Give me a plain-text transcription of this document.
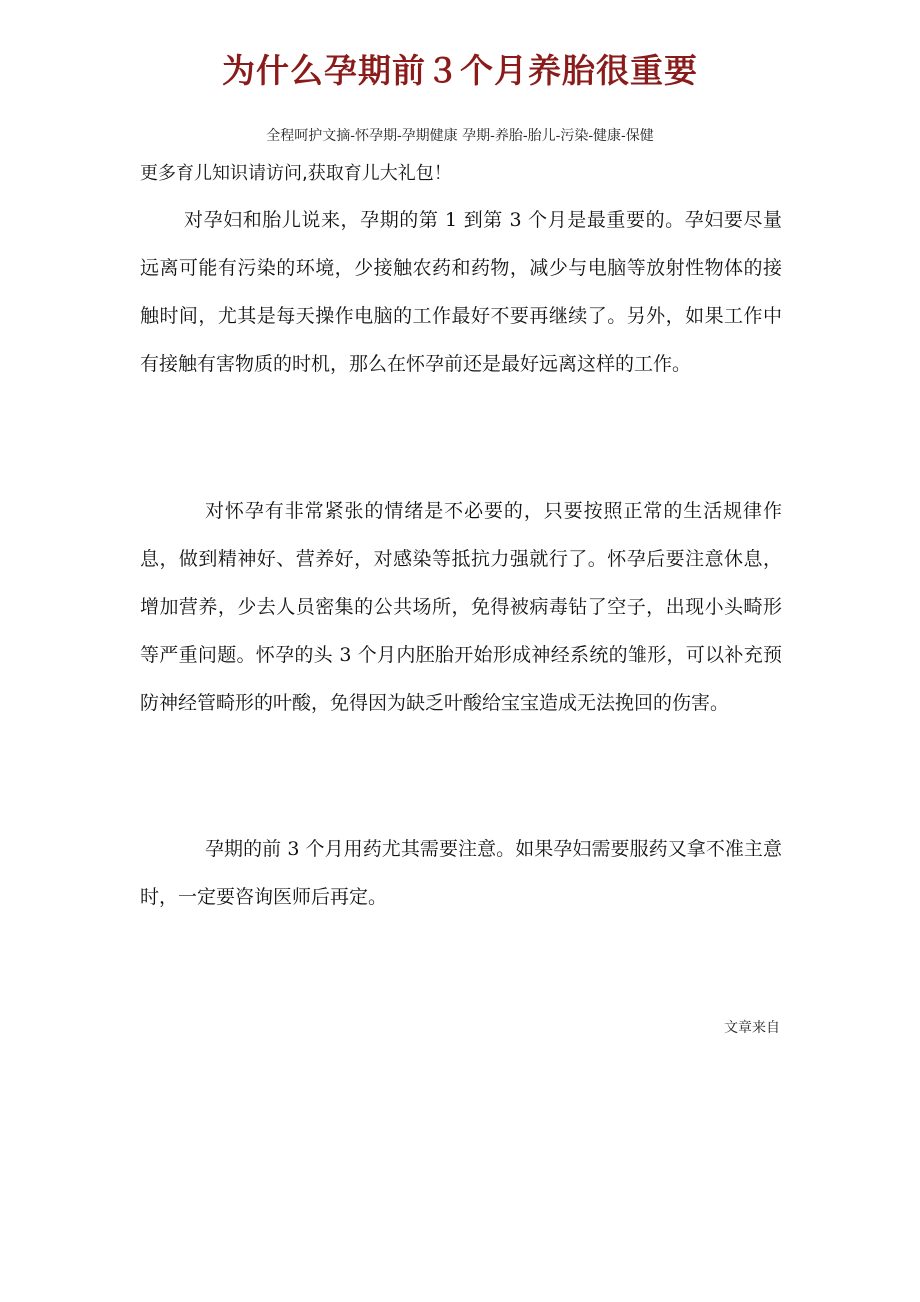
为什么孕期前３个月养胎很重要

全程呵护文摘-怀孕期-孕期健康 孕期-养胎-胎儿-污染-健康-保健

更多育儿知识请访问,获取育儿大礼包！

对孕妇和胎儿说来，孕期的第 1 到第 3 个月是最重要的。孕妇要尽量远离可能有污染的环境，少接触农药和药物，减少与电脑等放射性物体的接触时间，尤其是每天操作电脑的工作最好不要再继续了。另外，如果工作中有接触有害物质的时机，那么在怀孕前还是最好远离这样的工作。

对怀孕有非常紧张的情绪是不必要的，只要按照正常的生活规律作息，做到精神好、营养好，对感染等抵抗力强就行了。怀孕后要注意休息，增加营养，少去人员密集的公共场所，免得被病毒钻了空子，出现小头畸形等严重问题。怀孕的头 3 个月内胚胎开始形成神经系统的雏形，可以补充预防神经管畸形的叶酸，免得因为缺乏叶酸给宝宝造成无法挽回的伤害。

孕期的前 3 个月用药尤其需要注意。如果孕妇需要服药又拿不准主意时，一定要咨询医师后再定。

文章来自
